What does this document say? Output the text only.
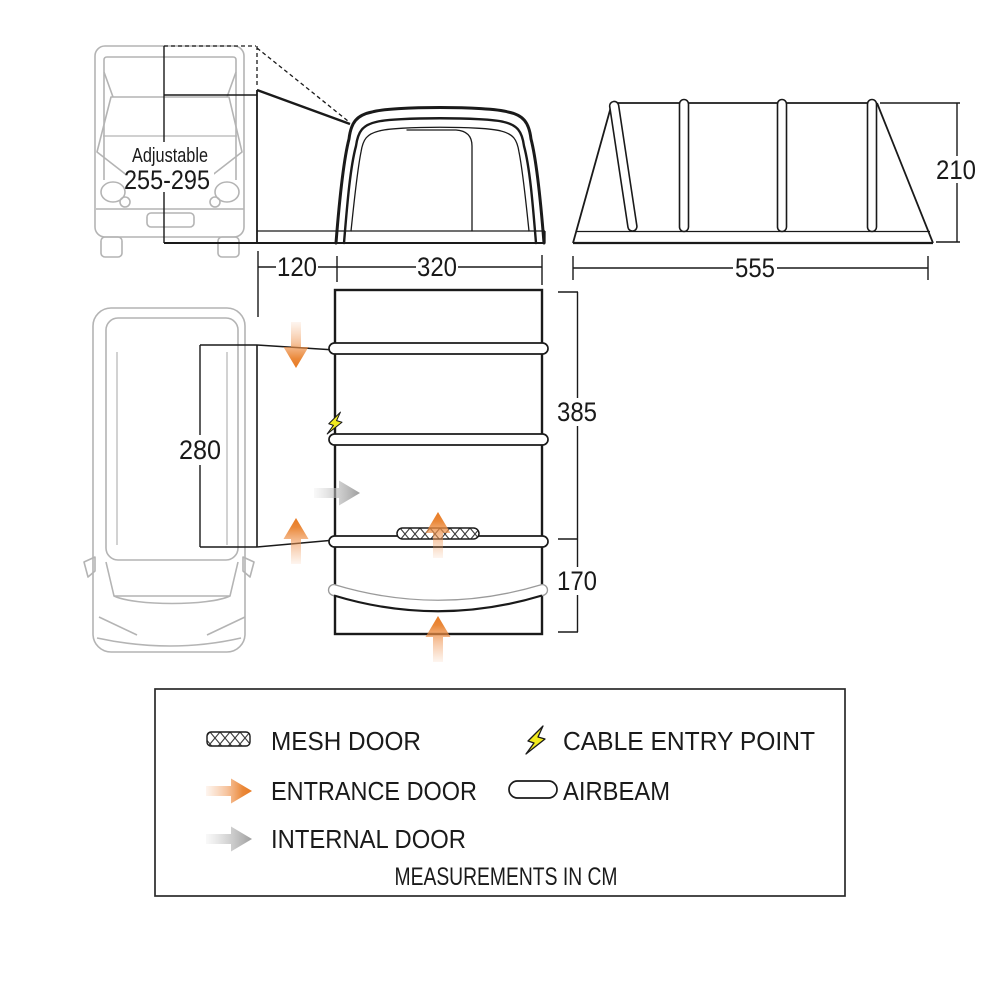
Adjustable
255-295
120	320	555
210
280
385
170
MESH DOOR	CABLE ENTRY POINT
ENTRANCE DOOR	AIRBEAM
INTERNAL DOOR
MEASUREMENTS IN CM
